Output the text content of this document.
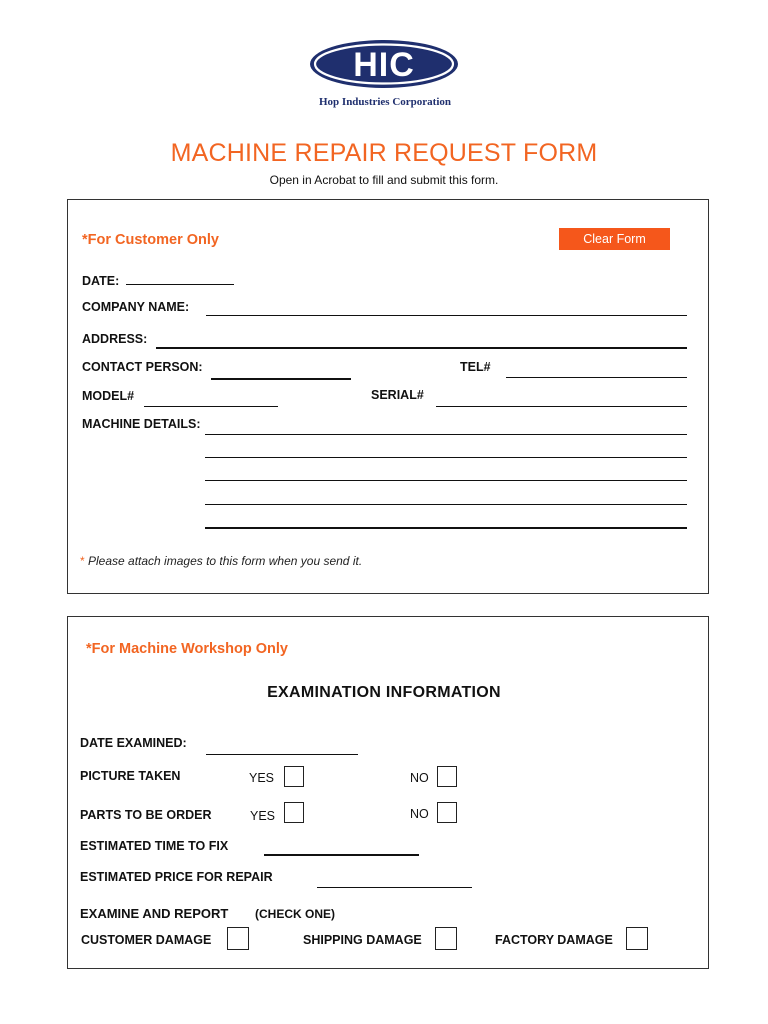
HIC
Hop Industries Corporation
MACHINE REPAIR REQUEST FORM
Open in Acrobat to fill and submit this form.
*For Customer Only	Clear Form
DATE:
COMPANY NAME:
ADDRESS:
CONTACT PERSON:	TEL#
MODEL#	SERIAL#
MACHINE DETAILS:
* Please attach images to this form when you send it.
*For Machine Workshop Only
EXAMINATION INFORMATION
DATE EXAMINED:
PICTURE TAKEN	YES	NO
PARTS TO BE ORDER	YES	NO
ESTIMATED TIME TO FIX
ESTIMATED PRICE FOR REPAIR
EXAMINE AND REPORT (CHECK ONE)
CUSTOMER DAMAGE	SHIPPING DAMAGE	FACTORY DAMAGE
